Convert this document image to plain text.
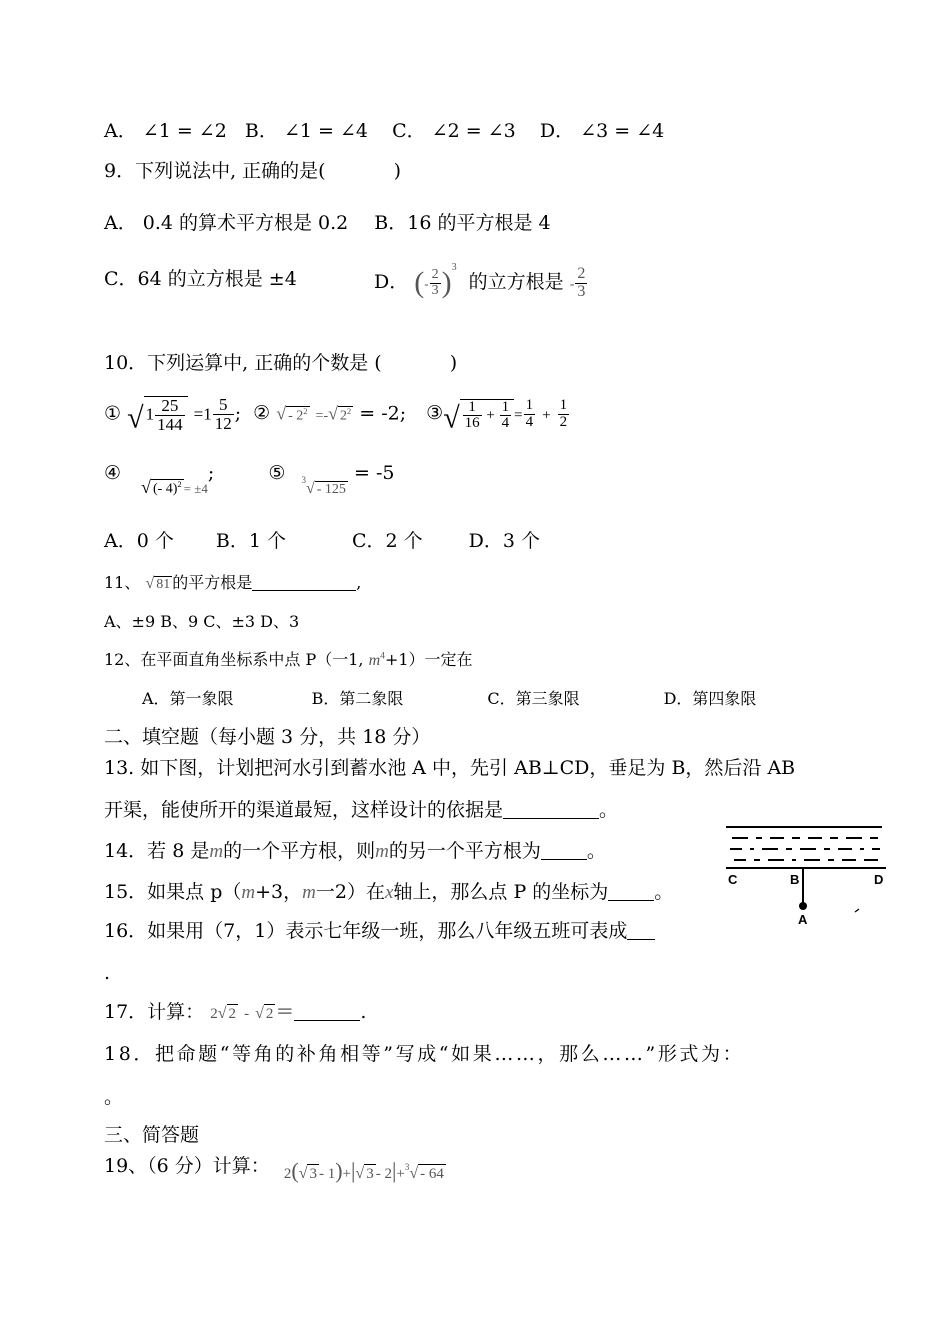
A． ∠1 = ∠2 B． ∠1 = ∠4 C． ∠2 = ∠3 D． ∠3 = ∠4
9．下列说法中, 正确的是(	)
A． 0.4 的算术平方根是 0.2 B．16 的平方根是 4
C．64 的立方根是 ±4	D． (- $\frac{2}{3} )^3$ 的立方根是 - $\frac{2}{3}$
10．下列运算中, 正确的个数是 (	)
① √ $1 \frac{25}{144} =1 \frac{5}{12}$ ; ② √ - $2^2$ =-√ $2^2 = -2$; ③√ $\frac{1}{16} + \frac{1}{4} = \frac{1}{4} + \frac{1}{2}$
④ √ (- 4)$^2$ $_{= \pm 4}$;	⑤ $_{3√}$ - 125 = -5
A．0 个 B．1 个	C．2 个 D．3 个
11、 √ 81 的平方根是	,
A、±9 B、9 C、±3 D、3
12、在平面直角坐标系中点 P（一1, $m^4+1$）一定在
A．第一象限	B．第二象限	C．第三象限	D．第四象限
二、填空题（每小题 3 分，共 18 分）
13. 如下图，计划把河水引到蓄水池 A 中，先引 AB⊥CD，垂足为 B，然后沿 AB
开渠，能使所开的渠道最短，这样设计的依据是	。
14．若 8 是m的一个平方根，则m的另一个平方根为 。
15．如果点 p（m+3，m一2）在x轴上，那么点 P 的坐标为 。
16．如果用（7，1）表示七年级一班，那么八年级五班可表成
.
17．计算： 2√ 2 - √ 2 ＝	.
18．把命题“等角的补角相等”写成“如果……，那么……”形式为：
。
三、简答题
19、（6 分）计算： $_2(_√$ 3 $_{- 1})_+|_√$ 3 $_{- 2}|_+3_√ - 64$
C	B	D
A
